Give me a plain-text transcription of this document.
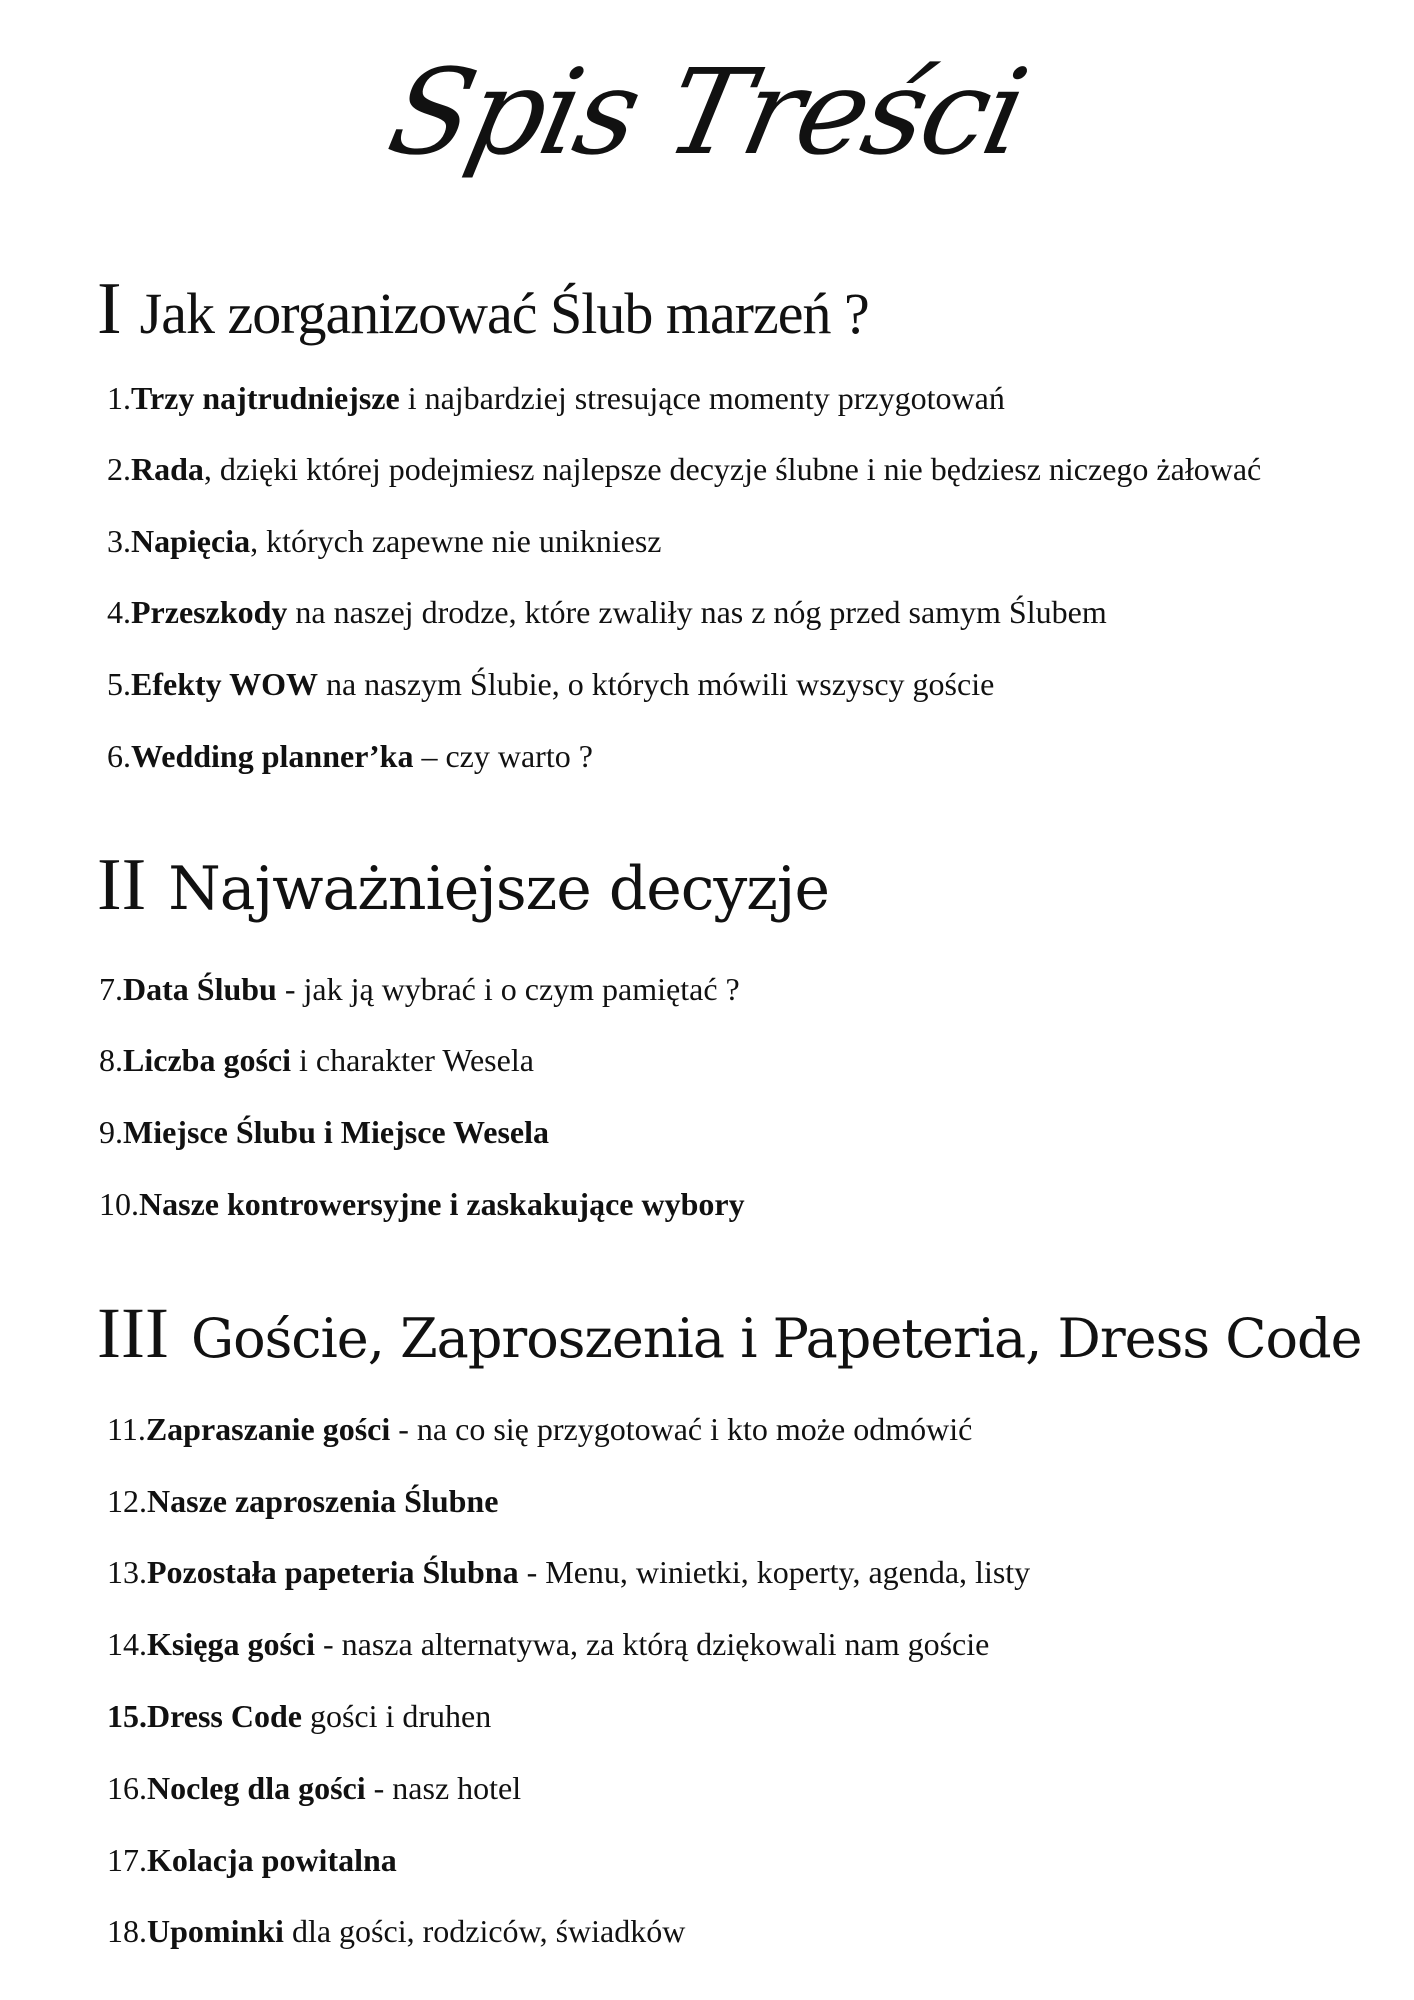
Spis Treści
I Jak zorganizować Ślub marzeń ?
1.Trzy najtrudniejsze i najbardziej stresujące momenty przygotowań
2.Rada, dzięki której podejmiesz najlepsze decyzje ślubne i nie będziesz niczego żałować
3.Napięcia, których zapewne nie unikniesz
4.Przeszkody na naszej drodze, które zwaliły nas z nóg przed samym Ślubem
5.Efekty WOW na naszym Ślubie, o których mówili wszyscy goście
6.Wedding planner’ka – czy warto ?
II Najważniejsze decyzje
7.Data Ślubu - jak ją wybrać i o czym pamiętać ?
8.Liczba gości i charakter Wesela
9.Miejsce Ślubu i Miejsce Wesela
10.Nasze kontrowersyjne i zaskakujące wybory
III Goście, Zaproszenia i Papeteria, Dress Code
11.Zapraszanie gości - na co się przygotować i kto może odmówić
12.Nasze zaproszenia Ślubne
13.Pozostała papeteria Ślubna - Menu, winietki, koperty, agenda, listy
14.Księga gości - nasza alternatywa, za którą dziękowali nam goście
15.Dress Code gości i druhen
16.Nocleg dla gości - nasz hotel
17.Kolacja powitalna
18.Upominki dla gości, rodziców, świadków
